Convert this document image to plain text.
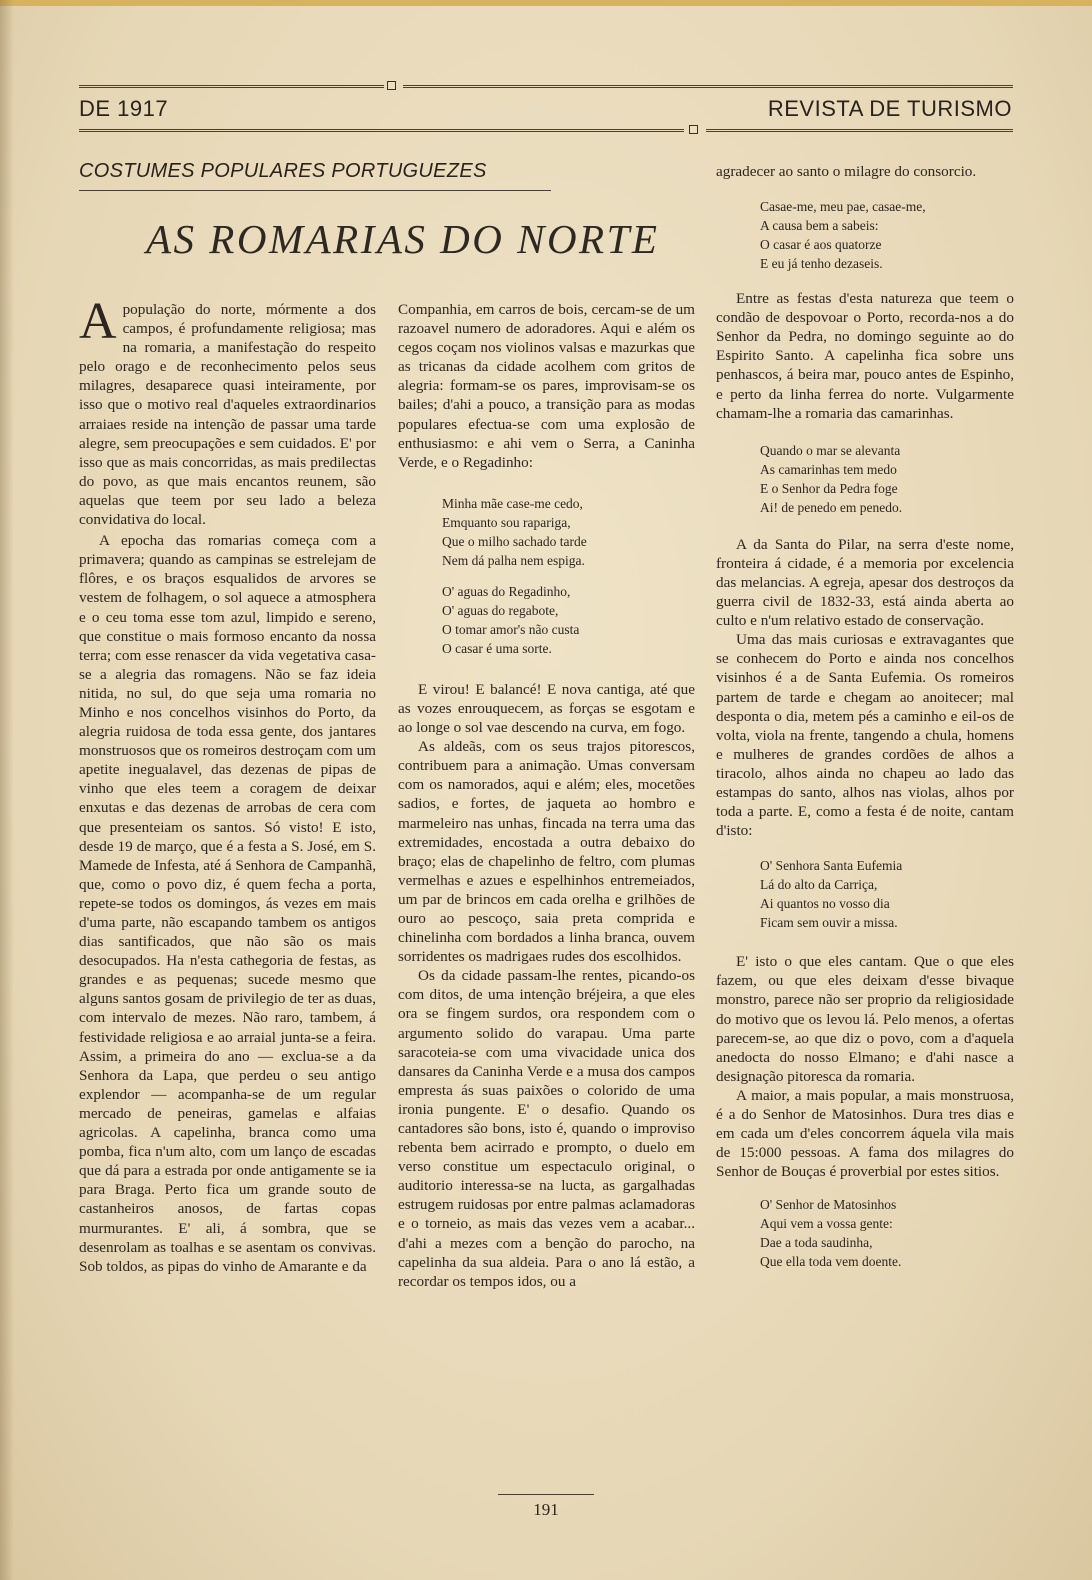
DE 1917	REVISTA DE TURISMO
COSTUMES POPULARES PORTUGUEZES
AS ROMARIAS DO NORTE

Apopulação do norte, mórmente a dos campos, é profundamente religiosa; mas na romaria, a manifestação do respeito pelo orago e de reconhecimento pelos seus milagres, desaparece quasi inteiramente, por isso que o motivo real d'aqueles extraordinarios arraiaes reside na intenção de passar uma tarde alegre, sem preocupações e sem cuidados. E' por isso que as mais concorridas, as mais predilectas do povo, as que mais encantos reunem, são aquelas que teem por seu lado a beleza convidativa do local.

A epocha das romarias começa com a primavera; quando as campinas se estrelejam de flôres, e os braços esqualidos de arvores se vestem de folhagem, o sol aquece a atmosphera e o ceu toma esse tom azul, limpido e sereno, que constitue o mais formoso encanto da nossa terra; com esse renascer da vida vegetativa casa-se a alegria das romagens. Não se faz ideia nitida, no sul, do que seja uma romaria no Minho e nos concelhos visinhos do Porto, da alegria ruidosa de toda essa gente, dos jantares monstruosos que os romeiros destroçam com um apetite inegualavel, das dezenas de pipas de vinho que eles teem a coragem de deixar enxutas e das dezenas de arrobas de cera com que presenteiam os santos. Só visto! E isto, desde 19 de março, que é a festa a S. José, em S. Mamede de Infesta, até á Senhora de Campanhã, que, como o povo diz, é quem fecha a porta, repete-se todos os domingos, ás vezes em mais d'uma parte, não escapando tambem os antigos dias santificados, que não são os mais desocupados. Ha n'esta cathegoria de festas, as grandes e as pequenas; sucede mesmo que alguns santos gosam de privilegio de ter as duas, com intervalo de mezes. Não raro, tambem, á festividade religiosa e ao arraial junta-se a feira. Assim, a primeira do ano — exclua-se a da Senhora da Lapa, que perdeu o seu antigo explendor — acompanha-se de um regular mercado de peneiras, gamelas e alfaias agricolas. A capelinha, branca como uma pomba, fica n'um alto, com um lanço de escadas que dá para a estrada por onde antigamente se ia para Braga. Perto fica um grande souto de castanheiros anosos, de fartas copas murmurantes. E' ali, á sombra, que se desenrolam as toalhas e se asentam os convivas. Sob toldos, as pipas do vinho de Amarante e da

Companhia, em carros de bois, cercam-se de um razoavel numero de adoradores. Aqui e além os cegos coçam nos violinos valsas e mazurkas que as tricanas da cidade acolhem com gritos de alegria: formam-se os pares, improvisam-se os bailes; d'ahi a pouco, a transição para as modas populares efectua-se com uma explosão de enthusiasmo: e ahi vem o Serra, a Caninha Verde, e o Regadinho:

Minha mãe case-me cedo,
Emquanto sou rapariga,
Que o milho sachado tarde
Nem dá palha nem espiga.
O' aguas do Regadinho,
O' aguas do regabote,
O tomar amor's não custa
O casar é uma sorte.

E virou! E balancé! E nova cantiga, até que as vozes enrouquecem, as forças se esgotam e ao longe o sol vae descendo na curva, em fogo.

As aldeãs, com os seus trajos pitorescos, contribuem para a animação. Umas conversam com os namorados, aqui e além; eles, mocetões sadios, e fortes, de jaqueta ao hombro e marmeleiro nas unhas, fincada na terra uma das extremidades, encostada a outra debaixo do braço; elas de chapelinho de feltro, com plumas vermelhas e azues e espelhinhos entremeiados, um par de brincos em cada orelha e grilhões de ouro ao pescoço, saia preta comprida e chinelinha com bordados a linha branca, ouvem sorridentes os madrigaes rudes dos escolhidos.

Os da cidade passam-lhe rentes, picando-os com ditos, de uma intenção bréjeira, a que eles ora se fingem surdos, ora respondem com o argumento solido do varapau. Uma parte saracoteia-se com uma vivacidade unica dos dansares da Caninha Verde e a musa dos campos empresta ás suas paixões o colorido de uma ironia pungente. E' o desafio. Quando os cantadores são bons, isto é, quando o improviso rebenta bem acirrado e prompto, o duelo em verso constitue um espectaculo original, o auditorio interessa-se na lucta, as gargalhadas estrugem ruidosas por entre palmas aclamadoras e o torneio, as mais das vezes vem a acabar... d'ahi a mezes com a benção do parocho, na capelinha da sua aldeia. Para o ano lá estão, a recordar os tempos idos, ou a

agradecer ao santo o milagre do consorcio.

Casae-me, meu pae, casae-me,
A causa bem a sabeis:
O casar é aos quatorze
E eu já tenho dezaseis.

Entre as festas d'esta natureza que teem o condão de despovoar o Porto, recorda-nos a do Senhor da Pedra, no domingo seguinte ao do Espirito Santo. A capelinha fica sobre uns penhascos, á beira mar, pouco antes de Espinho, e perto da linha ferrea do norte. Vulgarmente chamam-lhe a romaria das camarinhas.

Quando o mar se alevanta
As camarinhas tem medo
E o Senhor da Pedra foge
Ai! de penedo em penedo.

A da Santa do Pilar, na serra d'este nome, fronteira á cidade, é a memoria por excelencia das melancias. A egreja, apesar dos destroços da guerra civil de 1832-33, está ainda aberta ao culto e n'um relativo estado de conservação.

Uma das mais curiosas e extravagantes que se conhecem do Porto e ainda nos concelhos visinhos é a de Santa Eufemia. Os romeiros partem de tarde e chegam ao anoitecer; mal desponta o dia, metem pés a caminho e eil-os de volta, viola na frente, tangendo a chula, homens e mulheres de grandes cordões de alhos a tiracolo, alhos ainda no chapeu ao lado das estampas do santo, alhos nas violas, alhos por toda a parte. E, como a festa é de noite, cantam d'isto:

O' Senhora Santa Eufemia
Lá do alto da Carriça,
Ai quantos no vosso dia
Ficam sem ouvir a missa.

E' isto o que eles cantam. Que o que eles fazem, ou que eles deixam d'esse bivaque monstro, parece não ser proprio da religiosidade do motivo que os levou lá. Pelo menos, a ofertas parecem-se, ao que diz o povo, com a d'aquela anedocta do nosso Elmano; e d'ahi nasce a designação pitoresca da romaria.

A maior, a mais popular, a mais monstruosa, é a do Senhor de Matosinhos. Dura tres dias e em cada um d'eles concorrem áquela vila mais de 15:000 pessoas. A fama dos milagres do Senhor de Bouças é proverbial por estes sitios.

O' Senhor de Matosinhos
Aqui vem a vossa gente:
Dae a toda saudinha,
Que ella toda vem doente.
191
